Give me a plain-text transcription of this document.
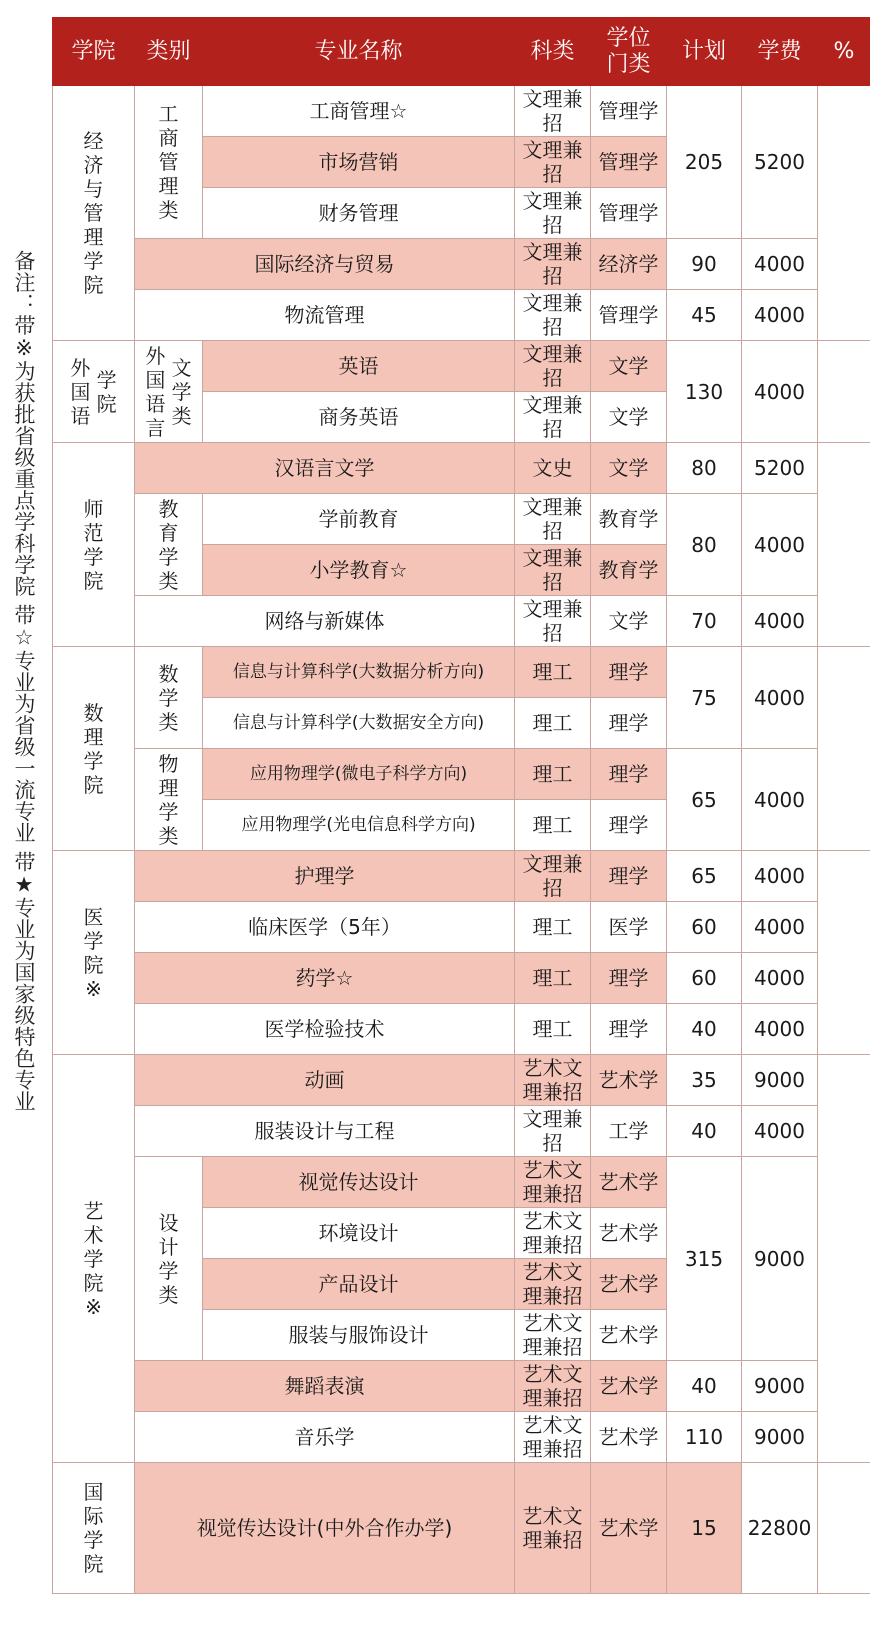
备注：带※为获批省级重点学科学院 带☆专业为省级一流专业 带★专业为国家级特色专业
学院	类别	专业名称	科类	学位
门类	计划	学费	%
经济与管理学院	工商管理类	工商管理☆	文理兼招	管理学	205	5200	
		市场营销	文理兼招	管理学			
		财务管理	文理兼招	管理学			
	国际经济与贸易		文理兼招	经济学	90	4000	
	物流管理		文理兼招	管理学	45	4000	
外国语 学院	外国语言 文学类	英语	文理兼招	文学	130	4000	
		商务英语	文理兼招	文学			
师范学院	汉语言文学		文史	文学	80	5200	
	教育学类	学前教育	文理兼招	教育学	80	4000	
		小学教育☆	文理兼招	教育学			
	网络与新媒体		文理兼招	文学	70	4000	
数理学院	数学类	信息与计算科学(大数据分析方向)	理工	理学	75	4000	
		信息与计算科学(大数据安全方向)	理工	理学			
	物理学类	应用物理学(微电子科学方向)	理工	理学	65	4000	
		应用物理学(光电信息科学方向)	理工	理学			
医学院※	护理学		文理兼招	理学	65	4000	
	临床医学（5年）		理工	医学	60	4000	
	药学☆		理工	理学	60	4000	
	医学检验技术		理工	理学	40	4000	
艺术学院※	动画		艺术文理兼招	艺术学	35	9000	
	服装设计与工程		文理兼招	工学	40	4000	
	设计学类	视觉传达设计	艺术文理兼招	艺术学	315	9000	
		环境设计	艺术文理兼招	艺术学			
		产品设计	艺术文理兼招	艺术学			
		服装与服饰设计	艺术文理兼招	艺术学			
	舞蹈表演		艺术文理兼招	艺术学	40	9000	
	音乐学		艺术文理兼招	艺术学	110	9000	
国际学院	视觉传达设计(中外合作办学)		艺术文理兼招	艺术学	15	22800	
